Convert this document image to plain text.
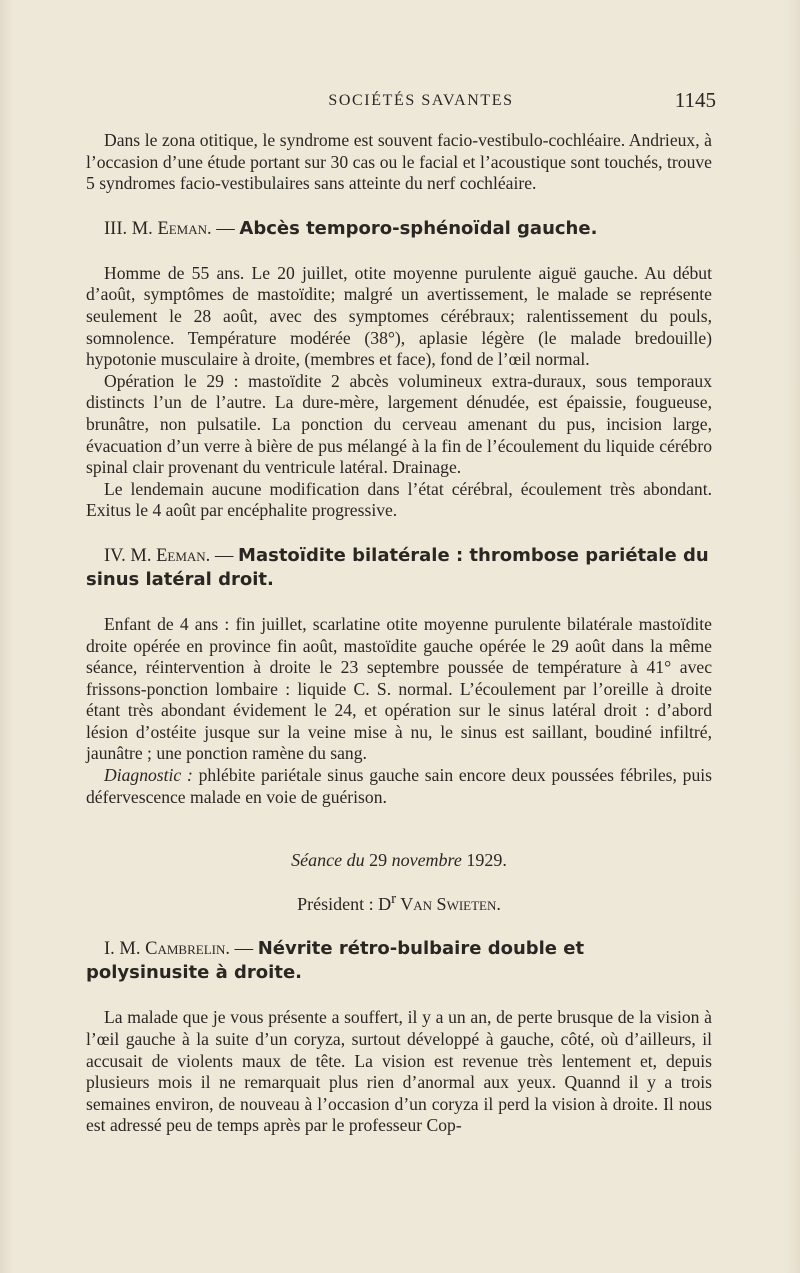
SOCIÉTÉS SAVANTES	1145

Dans le zona otitique, le syndrome est souvent facio-vestibulo-cochléaire. Andrieux, à l’occasion d’une étude portant sur 30 cas ou le facial et l’acoustique sont touchés, trouve 5 syndromes facio-vestibulaires sans atteinte du nerf cochléaire.

III. M. Eeman. — Abcès temporo-sphénoïdal gauche.

Homme de 55 ans. Le 20 juillet, otite moyenne purulente aiguë gauche. Au début d’août, symptômes de mastoïdite; malgré un avertissement, le malade se représente seulement le 28 août, avec des symptomes cérébraux; ralentissement du pouls, somnolence. Température modérée (38°), aplasie légère (le malade bredouille) hypotonie musculaire à droite, (membres et face), fond de l’œil normal.

Opération le 29 : mastoïdite 2 abcès volumineux extra-duraux, sous temporaux distincts l’un de l’autre. La dure-mère, largement dénudée, est épaissie, fougueuse, brunâtre, non pulsatile. La ponction du cerveau amenant du pus, incision large, évacuation d’un verre à bière de pus mélangé à la fin de l’écoulement du liquide cérébro spinal clair provenant du ventricule latéral. Drainage.

Le lendemain aucune modification dans l’état cérébral, écoulement très abondant. Exitus le 4 août par encéphalite progressive.

IV. M. Eeman. — Mastoïdite bilatérale : thrombose pariétale du sinus latéral droit.

Enfant de 4 ans : fin juillet, scarlatine otite moyenne purulente bilatérale mastoïdite droite opérée en province fin août, mastoïdite gauche opérée le 29 août dans la même séance, réintervention à droite le 23 septembre poussée de température à 41° avec frissons-ponction lombaire : liquide C. S. normal. L’écoulement par l’oreille à droite étant très abondant évidement le 24, et opération sur le sinus latéral droit : d’abord lésion d’ostéite jusque sur la veine mise à nu, le sinus est saillant, boudiné infiltré, jaunâtre ; une ponction ramène du sang.

Diagnostic : phlébite pariétale sinus gauche sain encore deux poussées fébriles, puis défervescence malade en voie de guérison.

Séance du 29 novembre 1929.

Président : $D^r$ Van Swieten.

I. M. Cambrelin. — Névrite rétro-bulbaire double et polysinusite à droite.

La malade que je vous présente a souffert, il y a un an, de perte brusque de la vision à l’œil gauche à la suite d’un coryza, surtout développé à gauche, côté, où d’ailleurs, il accusait de violents maux de tête. La vision est revenue très lentement et, depuis plusieurs mois il ne remarquait plus rien d’anormal aux yeux. Quannd il y a trois semaines environ, de nouveau à l’occasion d’un coryza il perd la vision à droite. Il nous est adressé peu de temps après par le professeur Cop-
